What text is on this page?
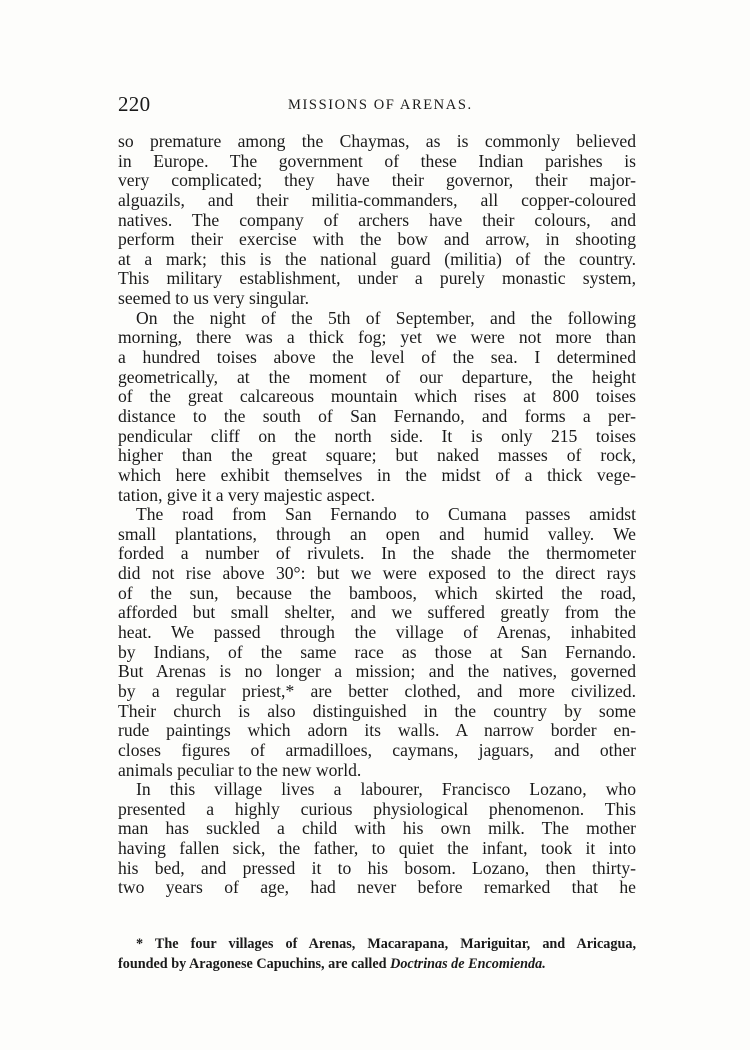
220	MISSIONS OF ARENAS.
so premature among the Chaymas, as is commonly believed
in Europe. The government of these Indian parishes is
very complicated; they have their governor, their major-
alguazils, and their militia-commanders, all copper-coloured
natives. The company of archers have their colours, and
perform their exercise with the bow and arrow, in shooting
at a mark; this is the national guard (militia) of the country.
This military establishment, under a purely monastic system,
seemed to us very singular.
On the night of the 5th of September, and the following
morning, there was a thick fog; yet we were not more than
a hundred toises above the level of the sea. I determined
geometrically, at the moment of our departure, the height
of the great calcareous mountain which rises at 800 toises
distance to the south of San Fernando, and forms a per-
pendicular cliff on the north side. It is only 215 toises
higher than the great square; but naked masses of rock,
which here exhibit themselves in the midst of a thick vege-
tation, give it a very majestic aspect.
The road from San Fernando to Cumana passes amidst
small plantations, through an open and humid valley. We
forded a number of rivulets. In the shade the thermometer
did not rise above 30°: but we were exposed to the direct rays
of the sun, because the bamboos, which skirted the road,
afforded but small shelter, and we suffered greatly from the
heat. We passed through the village of Arenas, inhabited
by Indians, of the same race as those at San Fernando.
But Arenas is no longer a mission; and the natives, governed
by a regular priest,* are better clothed, and more civilized.
Their church is also distinguished in the country by some
rude paintings which adorn its walls. A narrow border en-
closes figures of armadilloes, caymans, jaguars, and other
animals peculiar to the new world.
In this village lives a labourer, Francisco Lozano, who
presented a highly curious physiological phenomenon. This
man has suckled a child with his own milk. The mother
having fallen sick, the father, to quiet the infant, took it into
his bed, and pressed it to his bosom. Lozano, then thirty-
two years of age, had never before remarked that he
* The four villages of Arenas, Macarapana, Mariguitar, and Aricagua,
founded by Aragonese Capuchins, are called Doctrinas de Encomienda.
